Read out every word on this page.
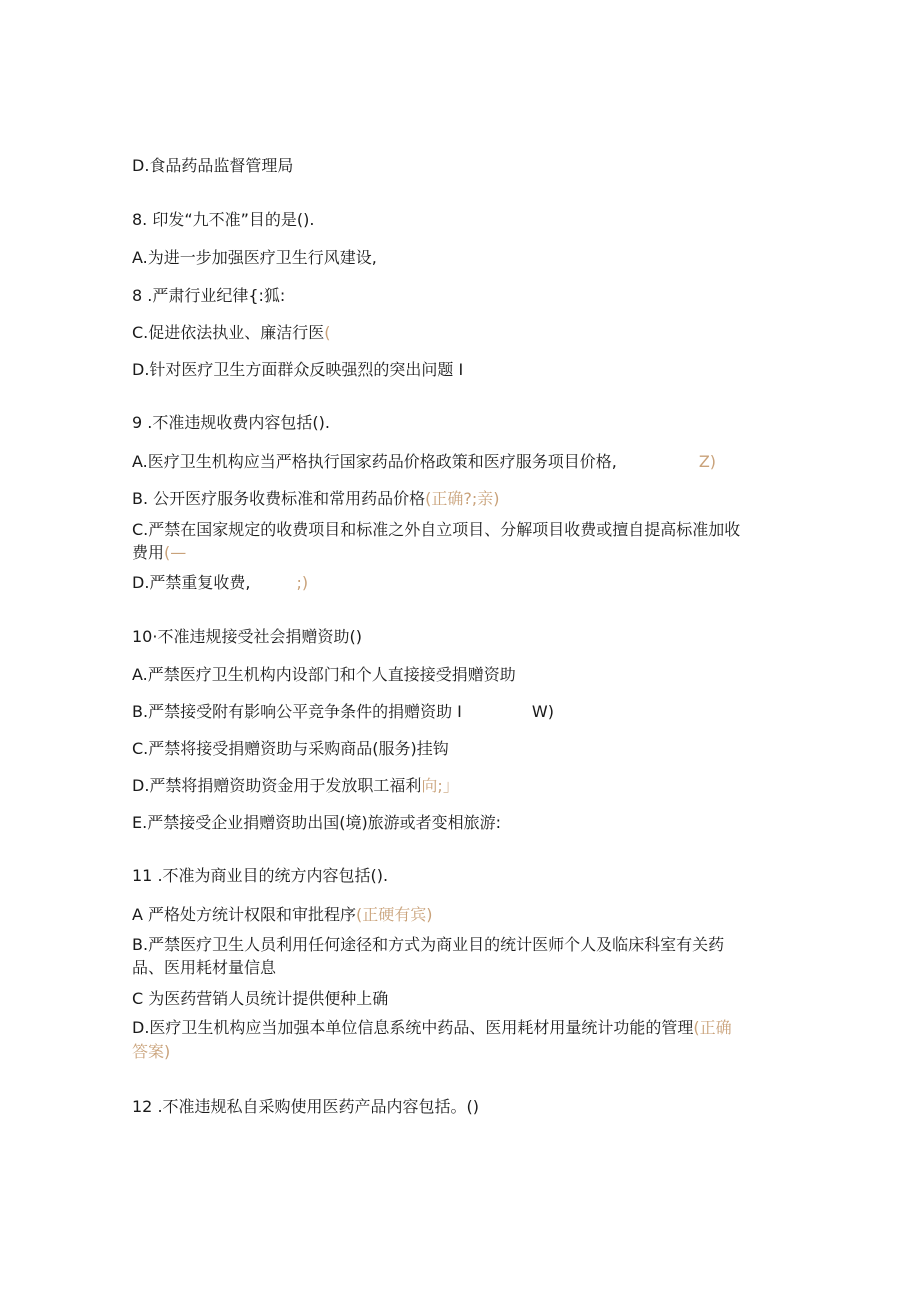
D.食品药品监督管理局
8. 印发“九不准”目的是().
A.为进一步加强医疗卫生行风建设,
8 .严肃行业纪律{:狐:
C.促进依法执业、廉洁行医(
D.针对医疗卫生方面群众反映强烈的突出问题 I
9 .不准违规收费内容包括().
A.医疗卫生机构应当严格执行国家药品价格政策和医疗服务项目价格,	Z)
B. 公开医疗服务收费标准和常用药品价格(正确?;亲)
C.严禁在国家规定的收费项目和标准之外自立项目、分解项目收费或擅自提高标准加收
费用(—
D.严禁重复收费,	;)
10·不准违规接受社会捐赠资助()
A.严禁医疗卫生机构内设部门和个人直接接受捐赠资助
B.严禁接受附有影响公平竞争条件的捐赠资助 I	W)
C.严禁将接受捐赠资助与采购商品(服务)挂钩
D.严禁将捐赠资助资金用于发放职工福利向;」
E.严禁接受企业捐赠资助出国(境)旅游或者变相旅游:
11 .不准为商业目的统方内容包括().
A 严格处方统计权限和审批程序(正硬有宾)
B.严禁医疗卫生人员利用任何途径和方式为商业目的统计医师个人及临床科室有关药
品、医用耗材量信息
C 为医药营销人员统计提供便种上确
D.医疗卫生机构应当加强本单位信息系统中药品、医用耗材用量统计功能的管理(正确
答案)
12 .不准违规私自采购使用医药产品内容包括。()
